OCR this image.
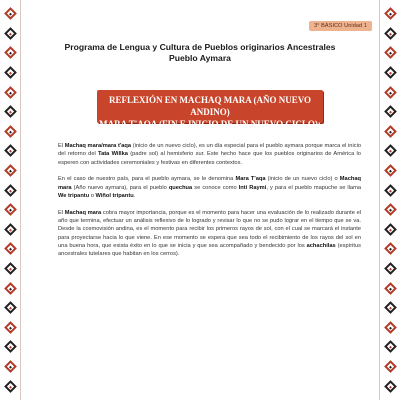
3° BÁSICO Unidad 1
Programa de Lengua y Cultura de Pueblos originarios Ancestrales
Pueblo Aymara
REFLEXIÓN EN MACHAQ MARA (AÑO NUEVO ANDINO)
MARA T'AQA (FIN E INICIO DE UN NUEVO CICLO):

El Machaq mara/mara t'aqa (inicio de un nuevo ciclo), es un día especial para el pueblo aymara porque marca el inicio del retorno del Tata Willka (padre sol) al hemisferio sur. Este hecho hace que los pueblos originarios de América lo esperen con actividades ceremoniales y festivas en diferentes contextos.

En el caso de nuestro país, para el pueblo aymara, se le denomina Mara T'aqa (inicio de un nuevo ciclo) o Machaq mara (Año nuevo aymara), para el pueblo quechua se conoce como Inti Raymi, y para el pueblo mapuche se llama We tripantu o Wiñol tripantu.

El Machaq mara cobra mayor importancia, porque es el momento para hacer una evaluación de lo realizado durante el año que termina, efectuar un análisis reflexivo de lo logrado y revisar lo que no se pudo lograr en el tiempo que se va. Desde la cosmovisión andina, es el momento para recibir los primeros rayos de sol, con el cual se marcará el instante para proyectarse hacia lo que viene. En ese momento se espera que sea todo el recibimiento de los rayos del sol en una buena hora, que exista éxito en lo que se inicia y que sea acompañado y bendecido por los achachilas (espíritus ancestrales tutelares que habitan en los cerros).
